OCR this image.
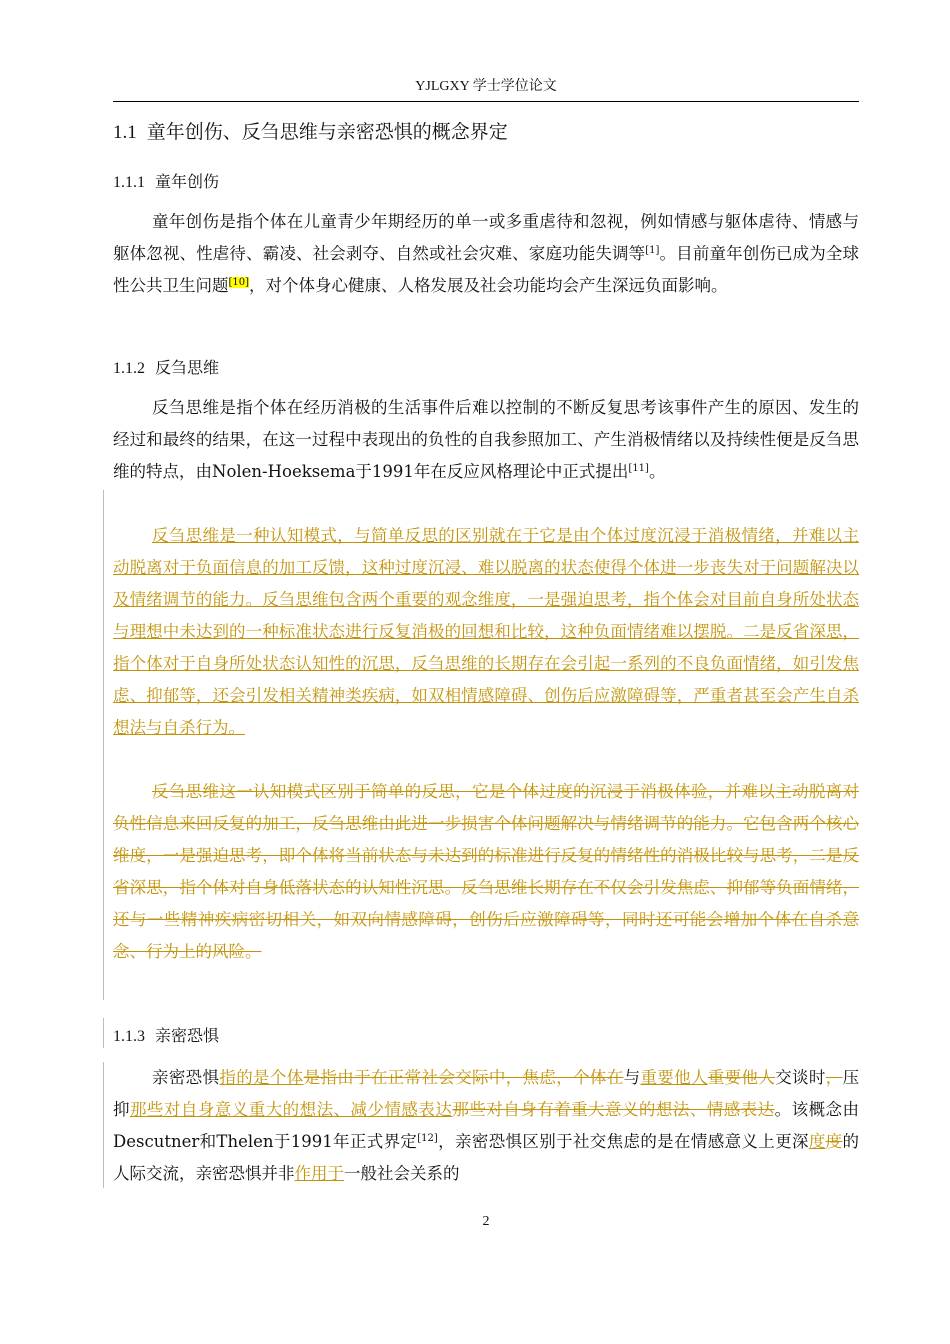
YJLGXY 学士学位论文
1.1 童年创伤、反刍思维与亲密恐惧的概念界定
1.1.1 童年创伤

童年创伤是指个体在儿童青少年期经历的单一或多重虐待和忽视，例如情感与躯体虐待、情感与躯体忽视、性虐待、霸凌、社会剥夺、自然或社会灾难、家庭功能失调等[1]。目前童年创伤已成为全球性公共卫生问题[10]，对个体身心健康、人格发展及社会功能均会产生深远负面影响。

1.1.2 反刍思维

反刍思维是指个体在经历消极的生活事件后难以控制的不断反复思考该事件产生的原因、发生的经过和最终的结果，在这一过程中表现出的负性的自我参照加工、产生消极情绪以及持续性便是反刍思维的特点，由Nolen-Hoeksema于1991年在反应风格理论中正式提出[11]。

反刍思维是一种认知模式，与简单反思的区别就在于它是由个体过度沉浸于消极情绪，并难以主动脱离对于负面信息的加工反馈，这种过度沉浸、难以脱离的状态使得个体进一步丧失对于问题解决以及情绪调节的能力。反刍思维包含两个重要的观念维度，一是强迫思考，指个体会对目前自身所处状态与理想中未达到的一种标准状态进行反复消极的回想和比较，这种负面情绪难以摆脱。二是反省深思，指个体对于自身所处状态认知性的沉思，反刍思维的长期存在会引起一系列的不良负面情绪，如引发焦虑、抑郁等，还会引发相关精神类疾病，如双相情感障碍、创伤后应激障碍等，严重者甚至会产生自杀想法与自杀行为。

反刍思维这一认知模式区别于简单的反思，它是个体过度的沉浸于消极体验，并难以主动脱离对负性信息来回反复的加工，反刍思维由此进一步损害个体问题解决与情绪调节的能力。它包含两个核心维度，一是强迫思考，即个体将当前状态与未达到的标准进行反复的情绪性的消极比较与思考，二是反省深思，指个体对自身低落状态的认知性沉思。反刍思维长期存在不仅会引发焦虑、抑郁等负面情绪，还与一些精神疾病密切相关，如双向情感障碍，创伤后应激障碍等，同时还可能会增加个体在自杀意念、行为上的风险。

1.1.3 亲密恐惧

亲密恐惧指的是个体是指由于在正常社会交际中，焦虑，个体在与重要他人重要他人交谈时，压抑那些对自身意义重大的想法、减少情感表达那些对自身有着重大意义的想法、情感表达。该概念由Descutner和Thelen于1991年正式界定[12]，亲密恐惧区别于社交焦虑的是在情感意义上更深度度的人际交流，亲密恐惧并非作用于一般社会关系的

2
